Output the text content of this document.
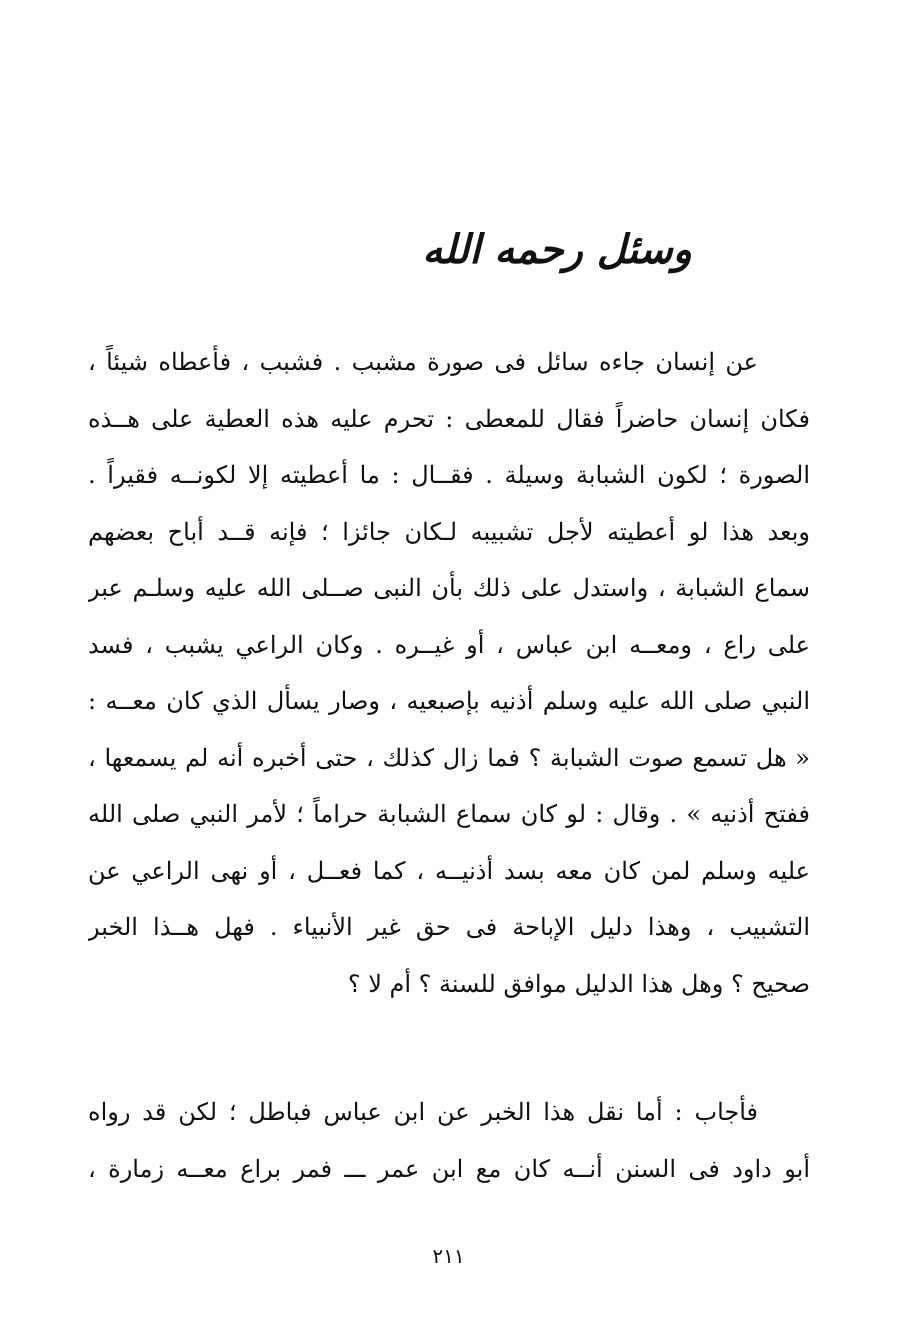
وسئل رحمه الله
عن إنسان جاءه سائل فى صورة مشبب . فشبب ، فأعطاه شيئاً ،
فكان إنسان حاضراً فقال للمعطى : تحرم عليه هذه العطية على هــذه
الصورة ؛ لكون الشبابة وسيلة . فقــال : ما أعطيته إلا لكونــه فقيراً .
وبعد هذا لو أعطيته لأجل تشبيبه لـكان جائزا ؛ فإنه قــد أباح بعضهم
سماع الشبابة ، واستدل على ذلك بأن النبى صــلى الله عليه وسلـم عبر
على راع ، ومعــه ابن عباس ، أو غيــره . وكان الراعي يشبب ، فسد
النبي صلى الله عليه وسلم أذنيه بإصبعيه ، وصار يسأل الذي كان معــه :
« هل تسمع صوت الشبابة ؟ فما زال كذلك ، حتى أخبره أنه لم يسمعها ،
ففتح أذنيه » . وقال : لو كان سماع الشبابة حراماً ؛ لأمر النبي صلى الله
عليه وسلم لمن كان معه بسد أذنيــه ، كما فعــل ، أو نهى الراعي عن
التشبيب ، وهذا دليل الإباحة فى حق غير الأنبياء . فهل هــذا الخبر
صحيح ؟ وهل هذا الدليل موافق للسنة ؟ أم لا ؟
فأجاب : أما نقل هذا الخبر عن ابن عباس فباطل ؛ لكن قد رواه
أبو داود فى السنن أنــه كان مع ابن عمر ـــ فمر براع معــه زمارة ،
٢١١
